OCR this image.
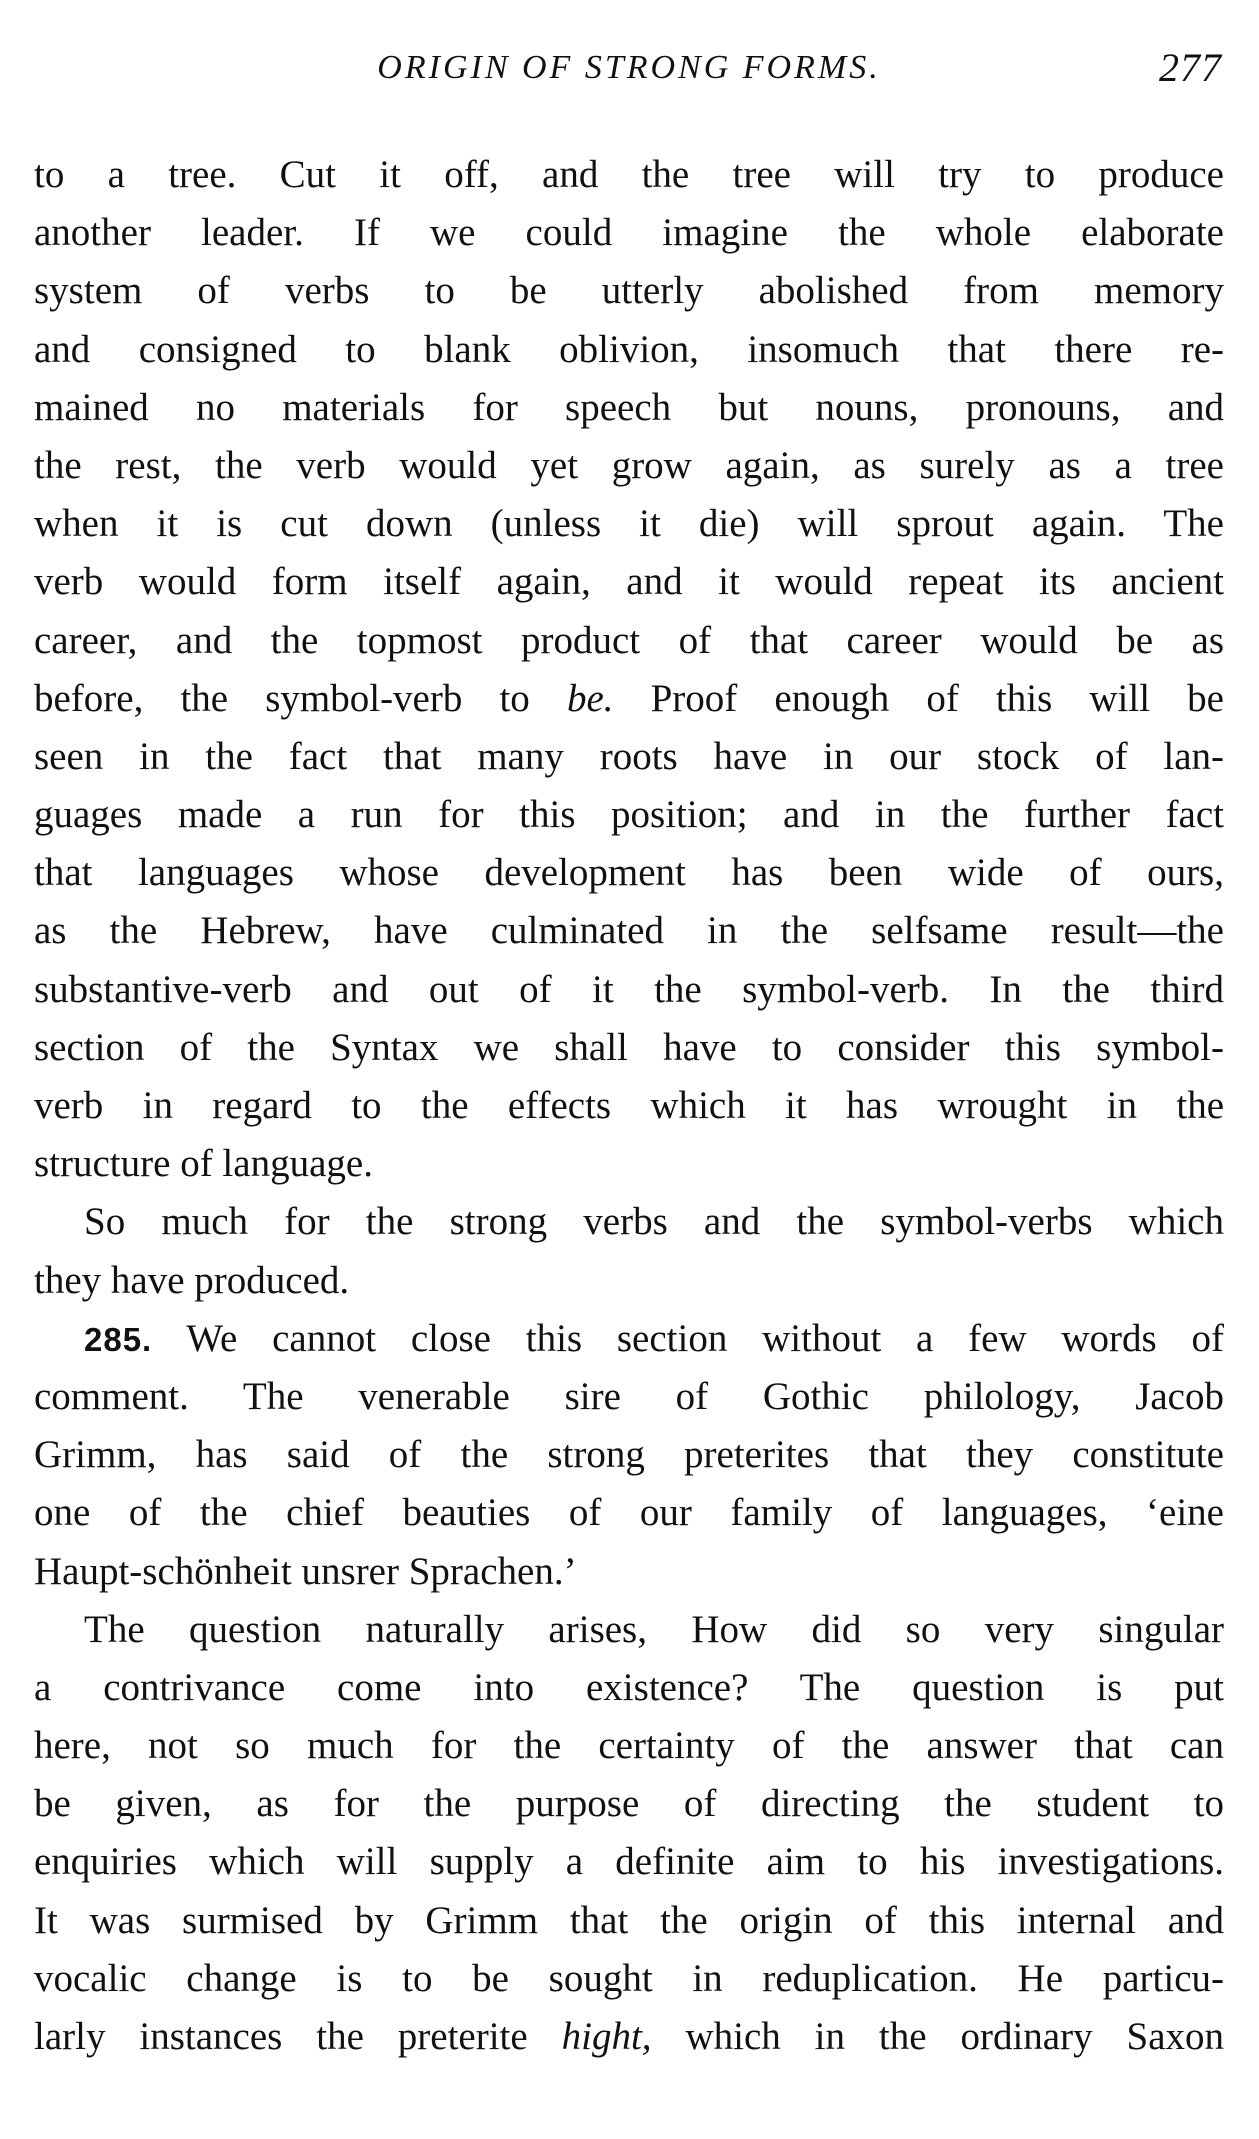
ORIGIN OF STRONG FORMS.	277
to a tree. Cut it off, and the tree will try to produce
another leader. If we could imagine the whole elaborate
system of verbs to be utterly abolished from memory
and consigned to blank oblivion, insomuch that there re-
mained no materials for speech but nouns, pronouns, and
the rest, the verb would yet grow again, as surely as a tree
when it is cut down (unless it die) will sprout again. The
verb would form itself again, and it would repeat its ancient
career, and the topmost product of that career would be as
before, the symbol-verb to be. Proof enough of this will be
seen in the fact that many roots have in our stock of lan-
guages made a run for this position; and in the further fact
that languages whose development has been wide of ours,
as the Hebrew, have culminated in the selfsame result—the
substantive-verb and out of it the symbol-verb. In the third
section of the Syntax we shall have to consider this symbol-
verb in regard to the effects which it has wrought in the
structure of language.
So much for the strong verbs and the symbol-verbs which
they have produced.
285. We cannot close this section without a few words of
comment. The venerable sire of Gothic philology, Jacob
Grimm, has said of the strong preterites that they constitute
one of the chief beauties of our family of languages, ‘eine
Haupt-schönheit unsrer Sprachen.’
The question naturally arises, How did so very singular
a contrivance come into existence? The question is put
here, not so much for the certainty of the answer that can
be given, as for the purpose of directing the student to
enquiries which will supply a definite aim to his investigations.
It was surmised by Grimm that the origin of this internal and
vocalic change is to be sought in reduplication. He particu-
larly instances the preterite hight, which in the ordinary Saxon
